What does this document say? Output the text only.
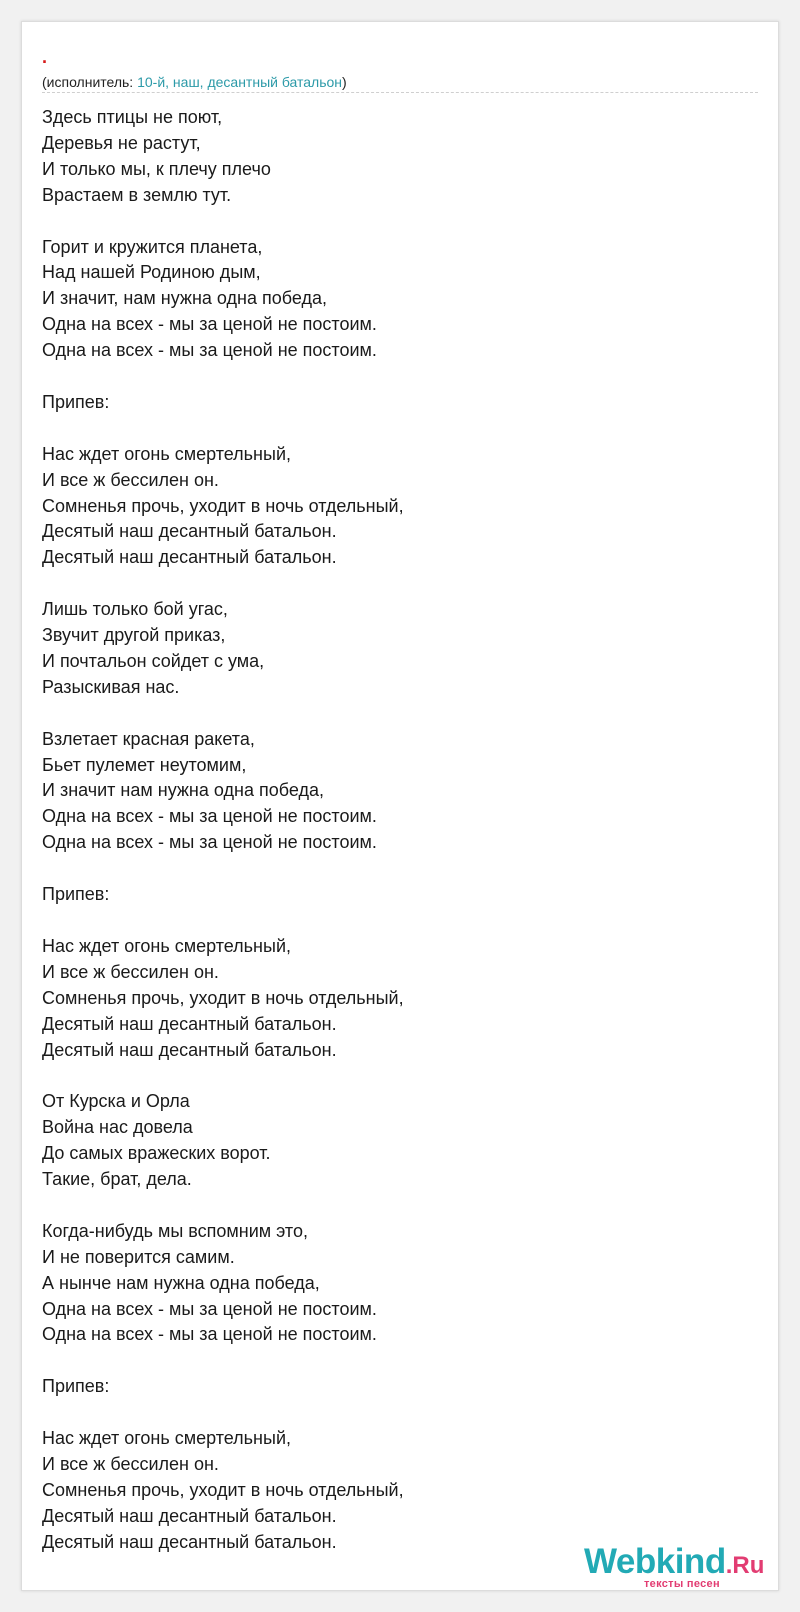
.
(исполнитель: 10-й, наш, десантный батальон)
Здесь птицы не поют,
Деревья не растут,
И только мы, к плечу плечо
Врастаем в землю тут.
Горит и кружится планета,
Над нашей Родиною дым,
И значит, нам нужна одна победа,
Одна на всех - мы за ценой не постоим.
Одна на всех - мы за ценой не постоим.
Припев:
Нас ждет огонь смертельный,
И все ж бессилен он.
Сомненья прочь, уходит в ночь отдельный,
Десятый наш десантный батальон.
Десятый наш десантный батальон.
Лишь только бой угас,
Звучит другой приказ,
И почтальон сойдет с ума,
Разыскивая нас.
Взлетает красная ракета,
Бьет пулемет неутомим,
И значит нам нужна одна победа,
Одна на всех - мы за ценой не постоим.
Одна на всех - мы за ценой не постоим.
Припев:
Нас ждет огонь смертельный,
И все ж бессилен он.
Сомненья прочь, уходит в ночь отдельный,
Десятый наш десантный батальон.
Десятый наш десантный батальон.
От Курска и Орла
Война нас довела
До самых вражеских ворот.
Такие, брат, дела.
Когда-нибудь мы вспомним это,
И не поверится самим.
А нынче нам нужна одна победа,
Одна на всех - мы за ценой не постоим.
Одна на всех - мы за ценой не постоим.
Припев:
Нас ждет огонь смертельный,
И все ж бессилен он.
Сомненья прочь, уходит в ночь отдельный,
Десятый наш десантный батальон.
Десятый наш десантный батальон.
Webkind.Ru
тексты песен
